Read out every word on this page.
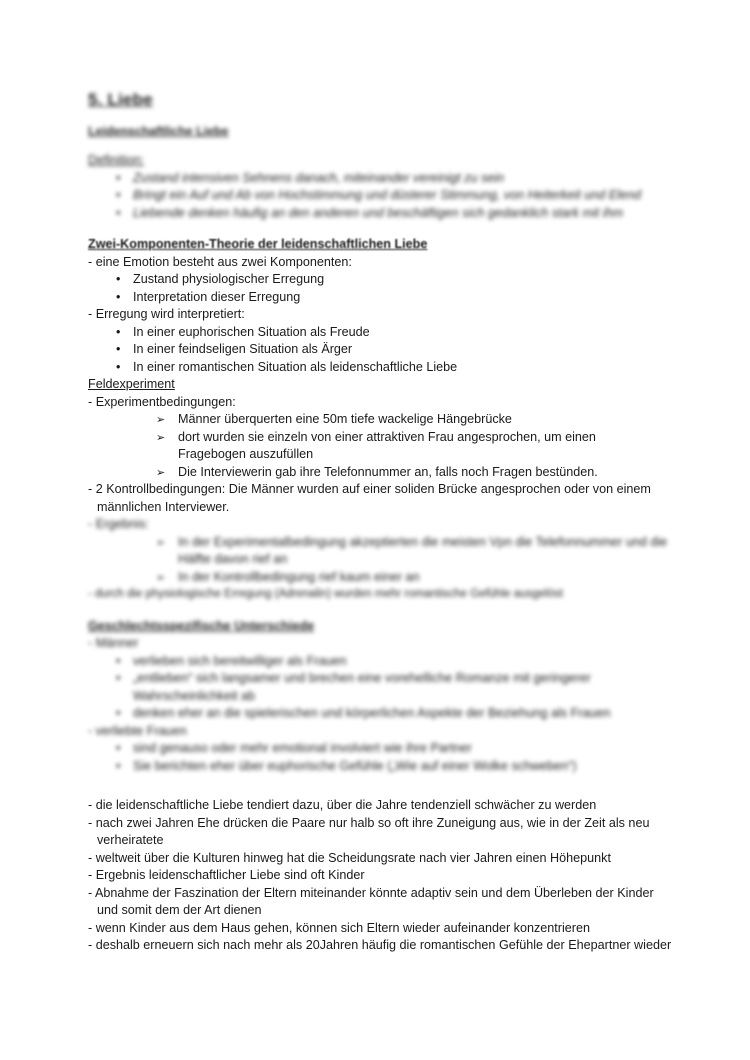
5. Liebe

Leidenschaftliche Liebe

Definition:

• Zustand intensiven Sehnens danach, miteinander vereinigt zu sein
• Bringt ein Auf und Ab von Hochstimmung und düsterer Stimmung, von Heiterkeit und Elend
• Liebende denken häufig an den anderen und beschäftigen sich gedanklich stark mit ihm

Zwei-Komponenten-Theorie der leidenschaftlichen Liebe

- eine Emotion besteht aus zwei Komponenten:

• Zustand physiologischer Erregung
• Interpretation dieser Erregung

- Erregung wird interpretiert:

• In einer euphorischen Situation als Freude
• In einer feindseligen Situation als Ärger
• In einer romantischen Situation als leidenschaftliche Liebe

Feldexperiment

- Experimentbedingungen:

➢ Männer überquerten eine 50m tiefe wackelige Hängebrücke
➢ dort wurden sie einzeln von einer attraktiven Frau angesprochen, um einen Fragebogen auszufüllen
➢ Die Interviewerin gab ihre Telefonnummer an, falls noch Fragen bestünden.

- 2 Kontrollbedingungen: Die Männer wurden auf einer soliden Brücke angesprochen oder von einem männlichen Interviewer.

- Ergebnis:

➢ In der Experimentalbedingung akzeptierten die meisten Vpn die Telefonnummer und die Hälfte davon rief an
➢ In der Kontrollbedingung rief kaum einer an

- durch die physiologische Erregung (Adrenalin) wurden mehr romantische Gefühle ausgelöst

Geschlechtsspezifische Unterschiede

- Männer

• verlieben sich bereitwilliger als Frauen
• „entlieben“ sich langsamer und brechen eine vorehelliche Romanze mit geringerer Wahrscheinlichkeit ab
• denken eher an die spielerischen und körperlichen Aspekte der Beziehung als Frauen

- verliebte Frauen

• sind genauso oder mehr emotional involviert wie ihre Partner
• Sie berichten eher über euphorische Gefühle („Wie auf einer Wolke schweben“)

- die leidenschaftliche Liebe tendiert dazu, über die Jahre tendenziell schwächer zu werden

- nach zwei Jahren Ehe drücken die Paare nur halb so oft ihre Zuneigung aus, wie in der Zeit als neu verheiratete

- weltweit über die Kulturen hinweg hat die Scheidungsrate nach vier Jahren einen Höhepunkt

- Ergebnis leidenschaftlicher Liebe sind oft Kinder

- Abnahme der Faszination der Eltern miteinander könnte adaptiv sein und dem Überleben der Kinder und somit dem der Art dienen

- wenn Kinder aus dem Haus gehen, können sich Eltern wieder aufeinander konzentrieren

- deshalb erneuern sich nach mehr als 20Jahren häufig die romantischen Gefühle der Ehepartner wieder
